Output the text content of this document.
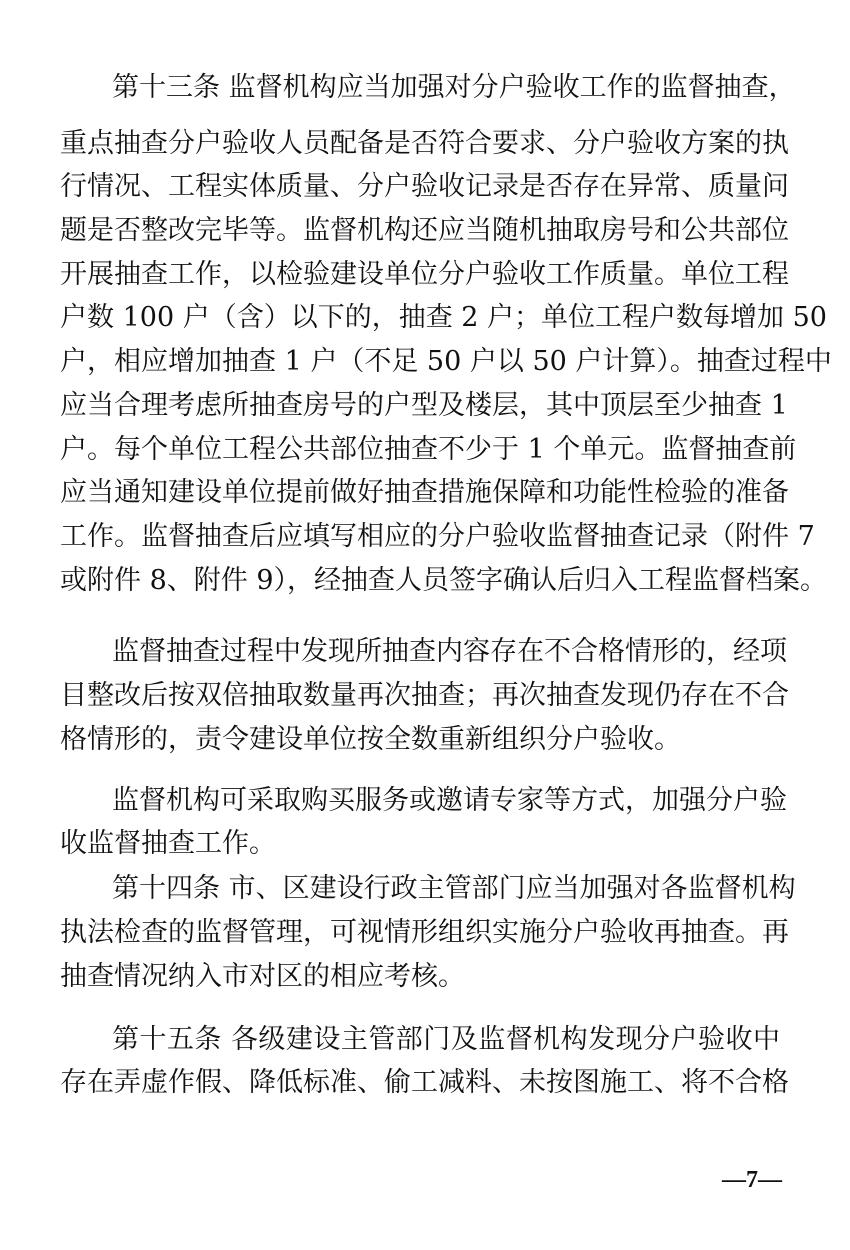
第十三条 监督机构应当加强对分户验收工作的监督抽查，
重点抽查分户验收人员配备是否符合要求、分户验收方案的执
行情况、工程实体质量、分户验收记录是否存在异常、质量问
题是否整改完毕等。监督机构还应当随机抽取房号和公共部位
开展抽查工作，以检验建设单位分户验收工作质量。单位工程
户数 100 户（含）以下的，抽查 2 户；单位工程户数每增加 50
户，相应增加抽查 1 户（不足 50 户以 50 户计算）。抽查过程中
应当合理考虑所抽查房号的户型及楼层，其中顶层至少抽查 1
户。每个单位工程公共部位抽查不少于 1 个单元。监督抽查前
应当通知建设单位提前做好抽查措施保障和功能性检验的准备
工作。监督抽查后应填写相应的分户验收监督抽查记录（附件 7
或附件 8、附件 9），经抽查人员签字确认后归入工程监督档案。
监督抽查过程中发现所抽查内容存在不合格情形的，经项
目整改后按双倍抽取数量再次抽查；再次抽查发现仍存在不合
格情形的，责令建设单位按全数重新组织分户验收。
监督机构可采取购买服务或邀请专家等方式，加强分户验
收监督抽查工作。
第十四条 市、区建设行政主管部门应当加强对各监督机构
执法检查的监督管理，可视情形组织实施分户验收再抽查。再
抽查情况纳入市对区的相应考核。
第十五条 各级建设主管部门及监督机构发现分户验收中
存在弄虚作假、降低标准、偷工减料、未按图施工、将不合格
—7—
